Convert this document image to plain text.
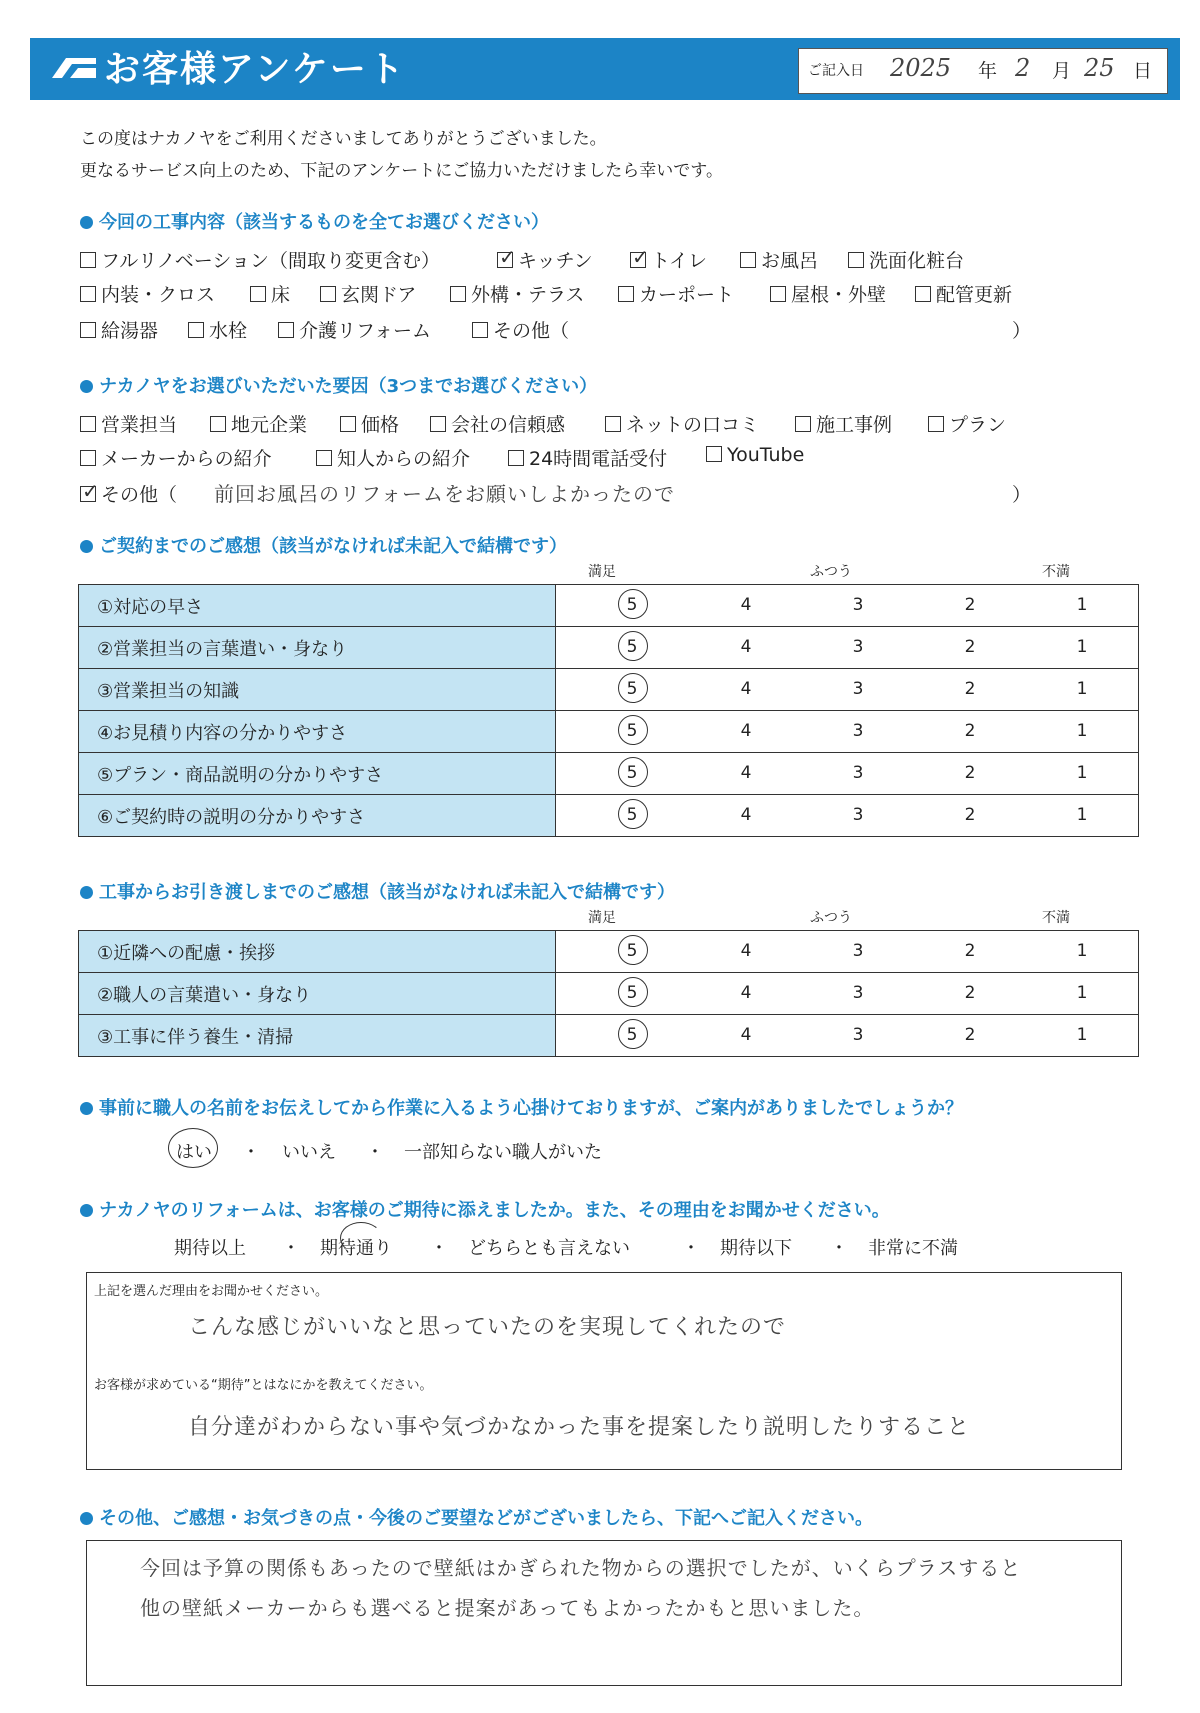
お客様アンケート	ご記入日 2025 年 2 月 25 日
この度はナカノヤをご利用くださいましてありがとうございました。
更なるサービス向上のため、下記のアンケートにご協力いただけましたら幸いです。
今回の工事内容（該当するものを全てお選びください）
フルリノベーション（間取り変更含む）	✓ キッチン ✓ トイレ	お風呂	洗面化粧台
内装・クロス	床	玄関ドア	外構・テラス	カーポート	屋根・外壁	配管更新
給湯器	水栓	介護リフォーム	その他（	）
ナカノヤをお選びいただいた要因（3つまでお選びください）
営業担当	地元企業	価格	会社の信頼感	ネットの口コミ	施工事例	プラン
メーカーからの紹介	知人からの紹介	24時間電話受付	YouTube
✓ その他（ 前回お風呂のリフォームをお願いしよかったので	）
ご契約までのご感想（該当がなければ未記入で結構です）
満足	ふつう	不満
①対応の早さ	5 4 3 2 1

②営業担当の言葉遣い・身なり	5 4 3 2 1

③営業担当の知識	5 4 3 2 1

④お見積り内容の分かりやすさ	5 4 3 2 1

⑤プラン・商品説明の分かりやすさ	5 4 3 2 1

⑥ご契約時の説明の分かりやすさ	5 4 3 2 1
工事からお引き渡しまでのご感想（該当がなければ未記入で結構です）
満足	ふつう	不満
①近隣への配慮・挨拶	5 4 3 2 1

②職人の言葉遣い・身なり	5 4 3 2 1

③工事に伴う養生・清掃	5 4 3 2 1
事前に職人の名前をお伝えしてから作業に入るよう心掛けておりますが、ご案内がありましたでしょうか？
はい ・ いいえ ・ 一部知らない職人がいた
ナカノヤのリフォームは、お客様のご期待に添えましたか。また、その理由をお聞かせください。
期待以上 ・ 期待通り ・ どちらとも言えない	・ 期待以下 ・ 非常に不満
上記を選んだ理由をお聞かせください。
こんな感じがいいなと思っていたのを実現してくれたので
お客様が求めている“期待”とはなにかを教えてください。
自分達がわからない事や気づかなかった事を提案したり説明したりすること
その他、ご感想・お気づきの点・今後のご要望などがございましたら、下記へご記入ください。
今回は予算の関係もあったので壁紙はかぎられた物からの選択でしたが、いくらプラスすると
他の壁紙メーカーからも選べると提案があってもよかったかもと思いました。
